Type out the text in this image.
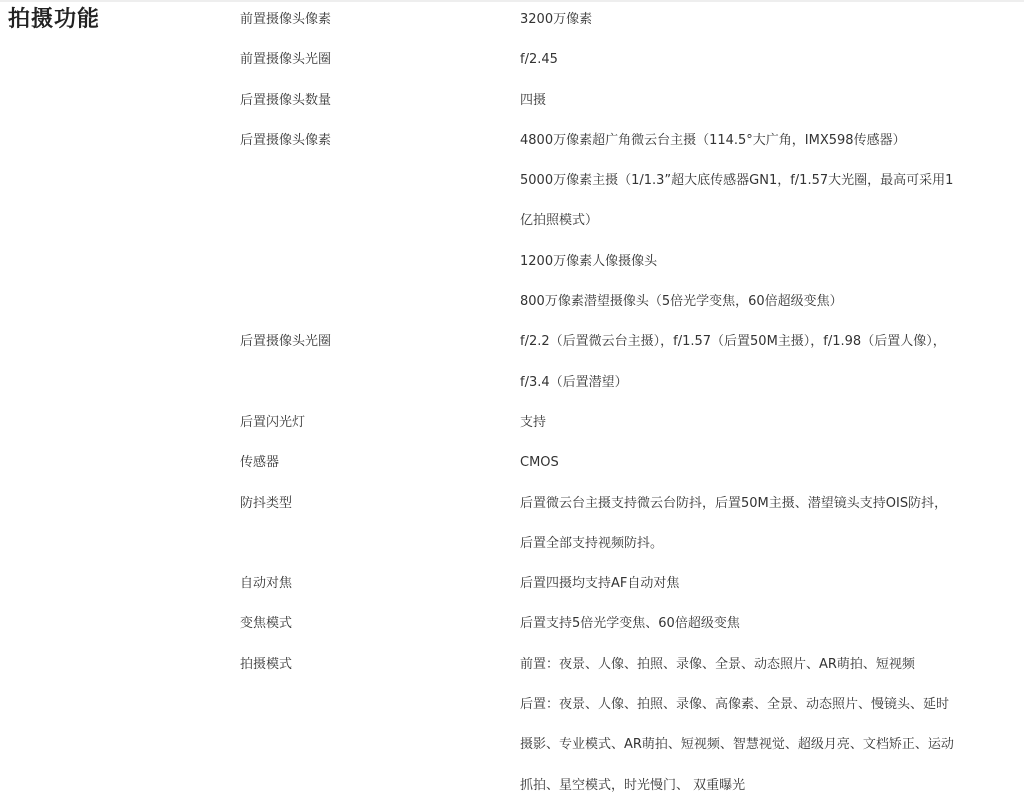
拍摄功能	前置摄像头像素	3200万像素
前置摄像头光圈	f/2.45
后置摄像头数量	四摄
后置摄像头像素	4800万像素超广角微云台主摄（114.5°大广角，IMX598传感器）
5000万像素主摄（1/1.3”超大底传感器GN1，f/1.57大光圈，最高可采用1
亿拍照模式）
1200万像素人像摄像头
800万像素潜望摄像头（5倍光学变焦，60倍超级变焦）
后置摄像头光圈	f/2.2（后置微云台主摄），f/1.57（后置50M主摄），f/1.98（后置人像），
f/3.4（后置潜望）
后置闪光灯	支持
传感器	CMOS
防抖类型	后置微云台主摄支持微云台防抖，后置50M主摄、潜望镜头支持OIS防抖，
后置全部支持视频防抖。
自动对焦	后置四摄均支持AF自动对焦
变焦模式	后置支持5倍光学变焦、60倍超级变焦
拍摄模式	前置：夜景、人像、拍照、录像、全景、动态照片、AR萌拍、短视频
后置：夜景、人像、拍照、录像、高像素、全景、动态照片、慢镜头、延时
摄影、专业模式、AR萌拍、短视频、智慧视觉、超级月亮、文档矫正、运动
抓拍、星空模式，时光慢门、 双重曝光
